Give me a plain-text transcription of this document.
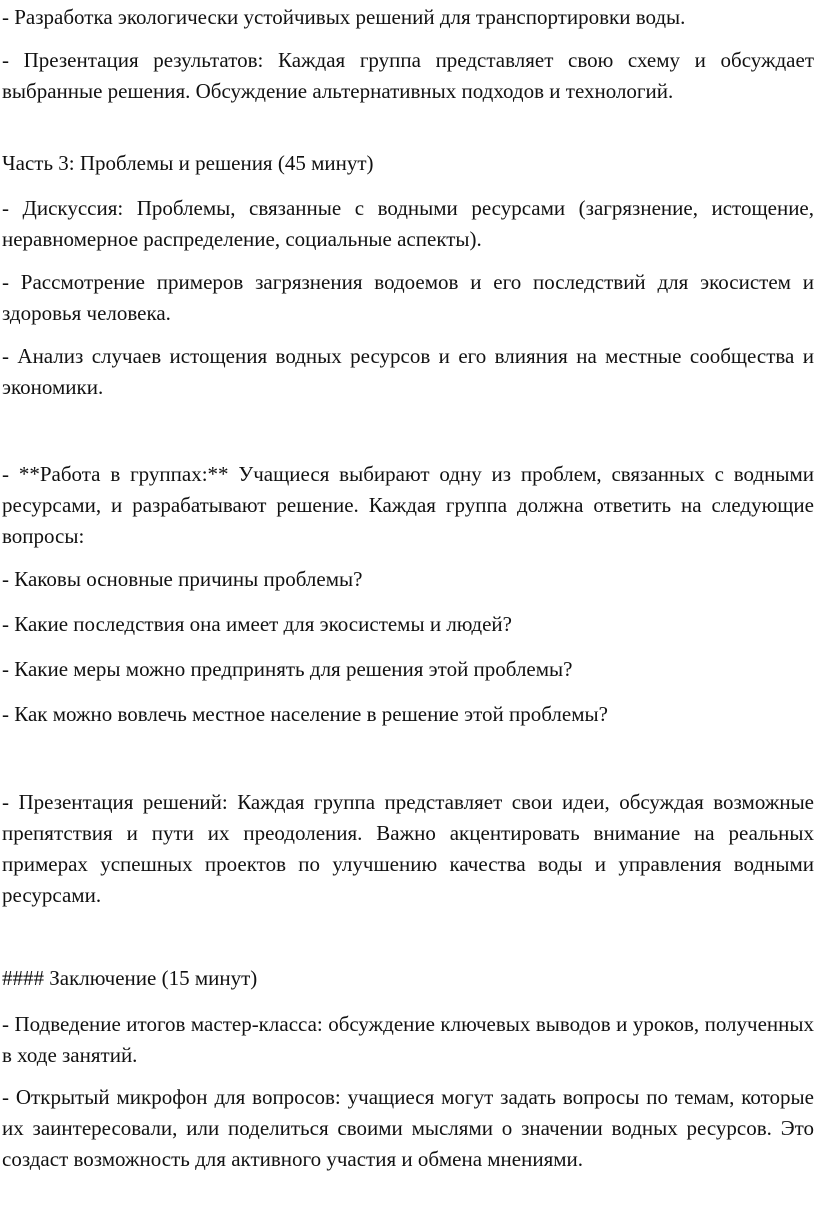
- Разработка экологически устойчивых решений для транспортировки воды.

- Презентация результатов: Каждая группа представляет свою схему и обсуждает выбранные решения. Обсуждение альтернативных подходов и технологий.

Часть 3: Проблемы и решения (45 минут)

- Дискуссия: Проблемы, связанные с водными ресурсами (загрязнение, истощение, неравномерное распределение, социальные аспекты).

- Рассмотрение примеров загрязнения водоемов и его последствий для экосистем и здоровья человека.

- Анализ случаев истощения водных ресурсов и его влияния на местные сообщества и экономики.

- **Работа в группах:** Учащиеся выбирают одну из проблем, связанных с водными ресурсами, и разрабатывают решение. Каждая группа должна ответить на следующие вопросы:

- Каковы основные причины проблемы?

- Какие последствия она имеет для экосистемы и людей?

- Какие меры можно предпринять для решения этой проблемы?

- Как можно вовлечь местное население в решение этой проблемы?

- Презентация решений: Каждая группа представляет свои идеи, обсуждая возможные препятствия и пути их преодоления. Важно акцентировать внимание на реальных примерах успешных проектов по улучшению качества воды и управления водными ресурсами.

#### Заключение (15 минут)

- Подведение итогов мастер-класса: обсуждение ключевых выводов и уроков, полученных в ходе занятий.

- Открытый микрофон для вопросов: учащиеся могут задать вопросы по темам, которые их заинтересовали, или поделиться своими мыслями о значении водных ресурсов. Это создаст возможность для активного участия и обмена мнениями.
